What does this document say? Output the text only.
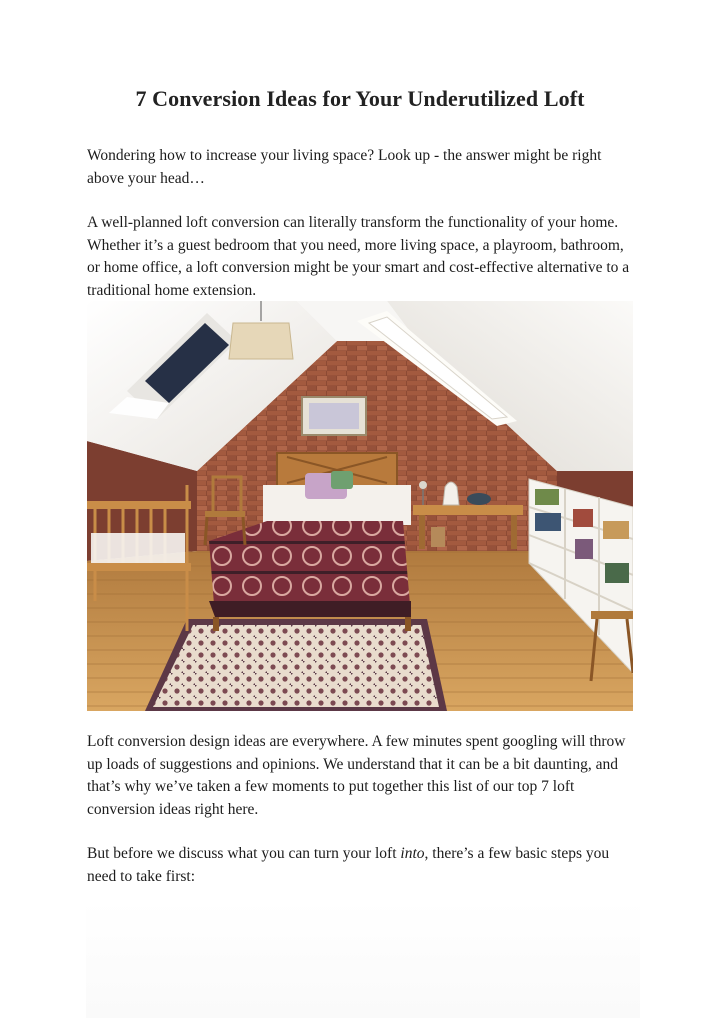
7 Conversion Ideas for Your Underutilized Loft

Wondering how to increase your living space? Look up - the answer might be right above your head…

A well-planned loft conversion can literally transform the functionality of your home. Whether it’s a guest bedroom that you need, more living space, a playroom, bathroom, or home office, a loft conversion might be your smart and cost-effective alternative to a traditional home extension.

Loft conversion design ideas are everywhere. A few minutes spent googling will throw up loads of suggestions and opinions. We understand that it can be a bit daunting, and that’s why we’ve taken a few moments to put together this list of our top 7 loft conversion ideas right here.

But before we discuss what you can turn your loft into, there’s a few basic steps you need to take first:
